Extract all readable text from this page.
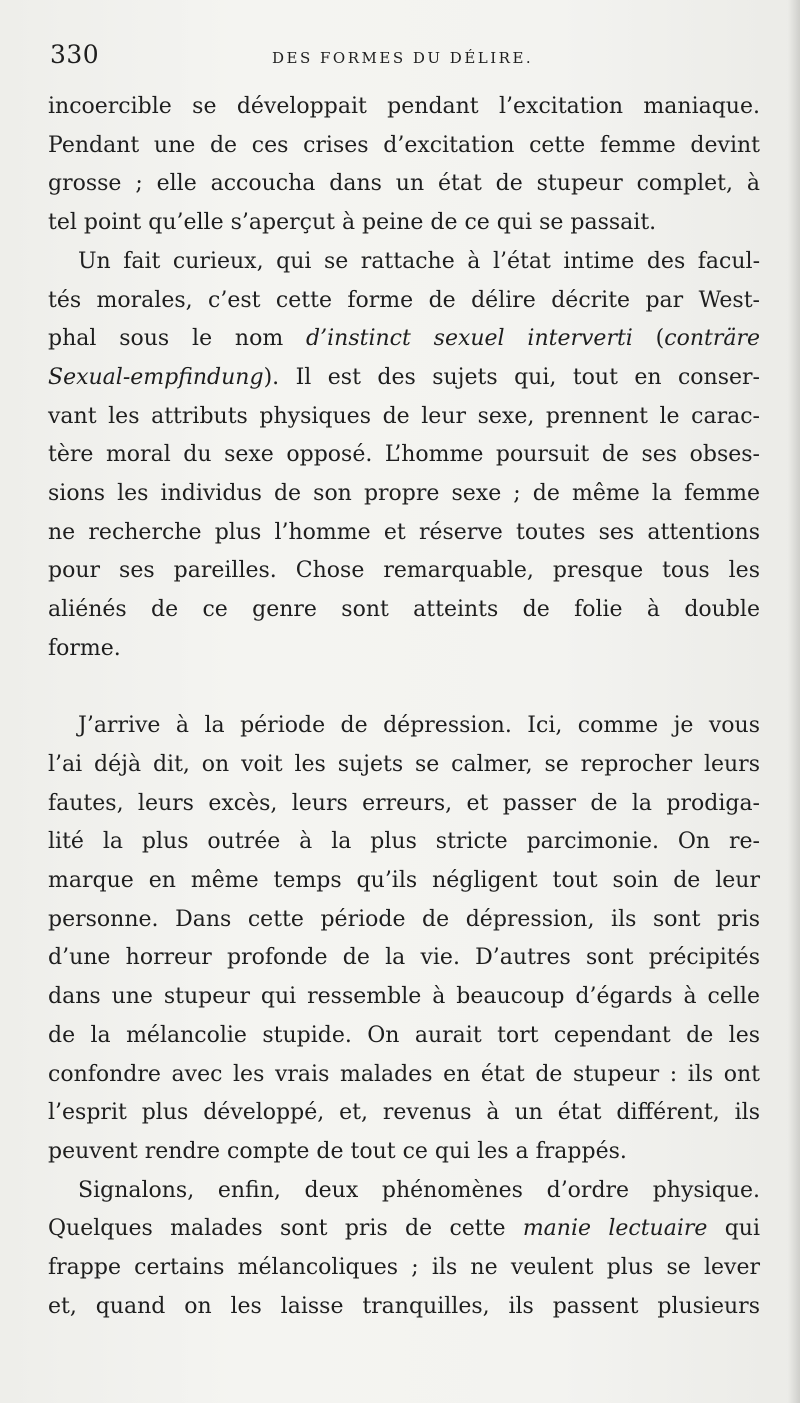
330	DES FORMES DU DÉLIRE.
incoercible se développait pendant l’excitation maniaque.
Pendant une de ces crises d’excitation cette femme devint
grosse ; elle accoucha dans un état de stupeur complet, à
tel point qu’elle s’aperçut à peine de ce qui se passait.
Un fait curieux, qui se rattache à l’état intime des facul-
tés morales, c’est cette forme de délire décrite par West-
phal sous le nom d’instinct sexuel interverti (conträre
Sexual-empfindung). Il est des sujets qui, tout en conser-
vant les attributs physiques de leur sexe, prennent le carac-
tère moral du sexe opposé. L’homme poursuit de ses obses-
sions les individus de son propre sexe ; de même la femme
ne recherche plus l’homme et réserve toutes ses attentions
pour ses pareilles. Chose remarquable, presque tous les
aliénés de ce genre sont atteints de folie à double
forme.
J’arrive à la période de dépression. Ici, comme je vous
l’ai déjà dit, on voit les sujets se calmer, se reprocher leurs
fautes, leurs excès, leurs erreurs, et passer de la prodiga-
lité la plus outrée à la plus stricte parcimonie. On re-
marque en même temps qu’ils négligent tout soin de leur
personne. Dans cette période de dépression, ils sont pris
d’une horreur profonde de la vie. D’autres sont précipités
dans une stupeur qui ressemble à beaucoup d’égards à celle
de la mélancolie stupide. On aurait tort cependant de les
confondre avec les vrais malades en état de stupeur : ils ont
l’esprit plus développé, et, revenus à un état différent, ils
peuvent rendre compte de tout ce qui les a frappés.
Signalons, enfin, deux phénomènes d’ordre physique.
Quelques malades sont pris de cette manie lectuaire qui
frappe certains mélancoliques ; ils ne veulent plus se lever
et, quand on les laisse tranquilles, ils passent plusieurs
